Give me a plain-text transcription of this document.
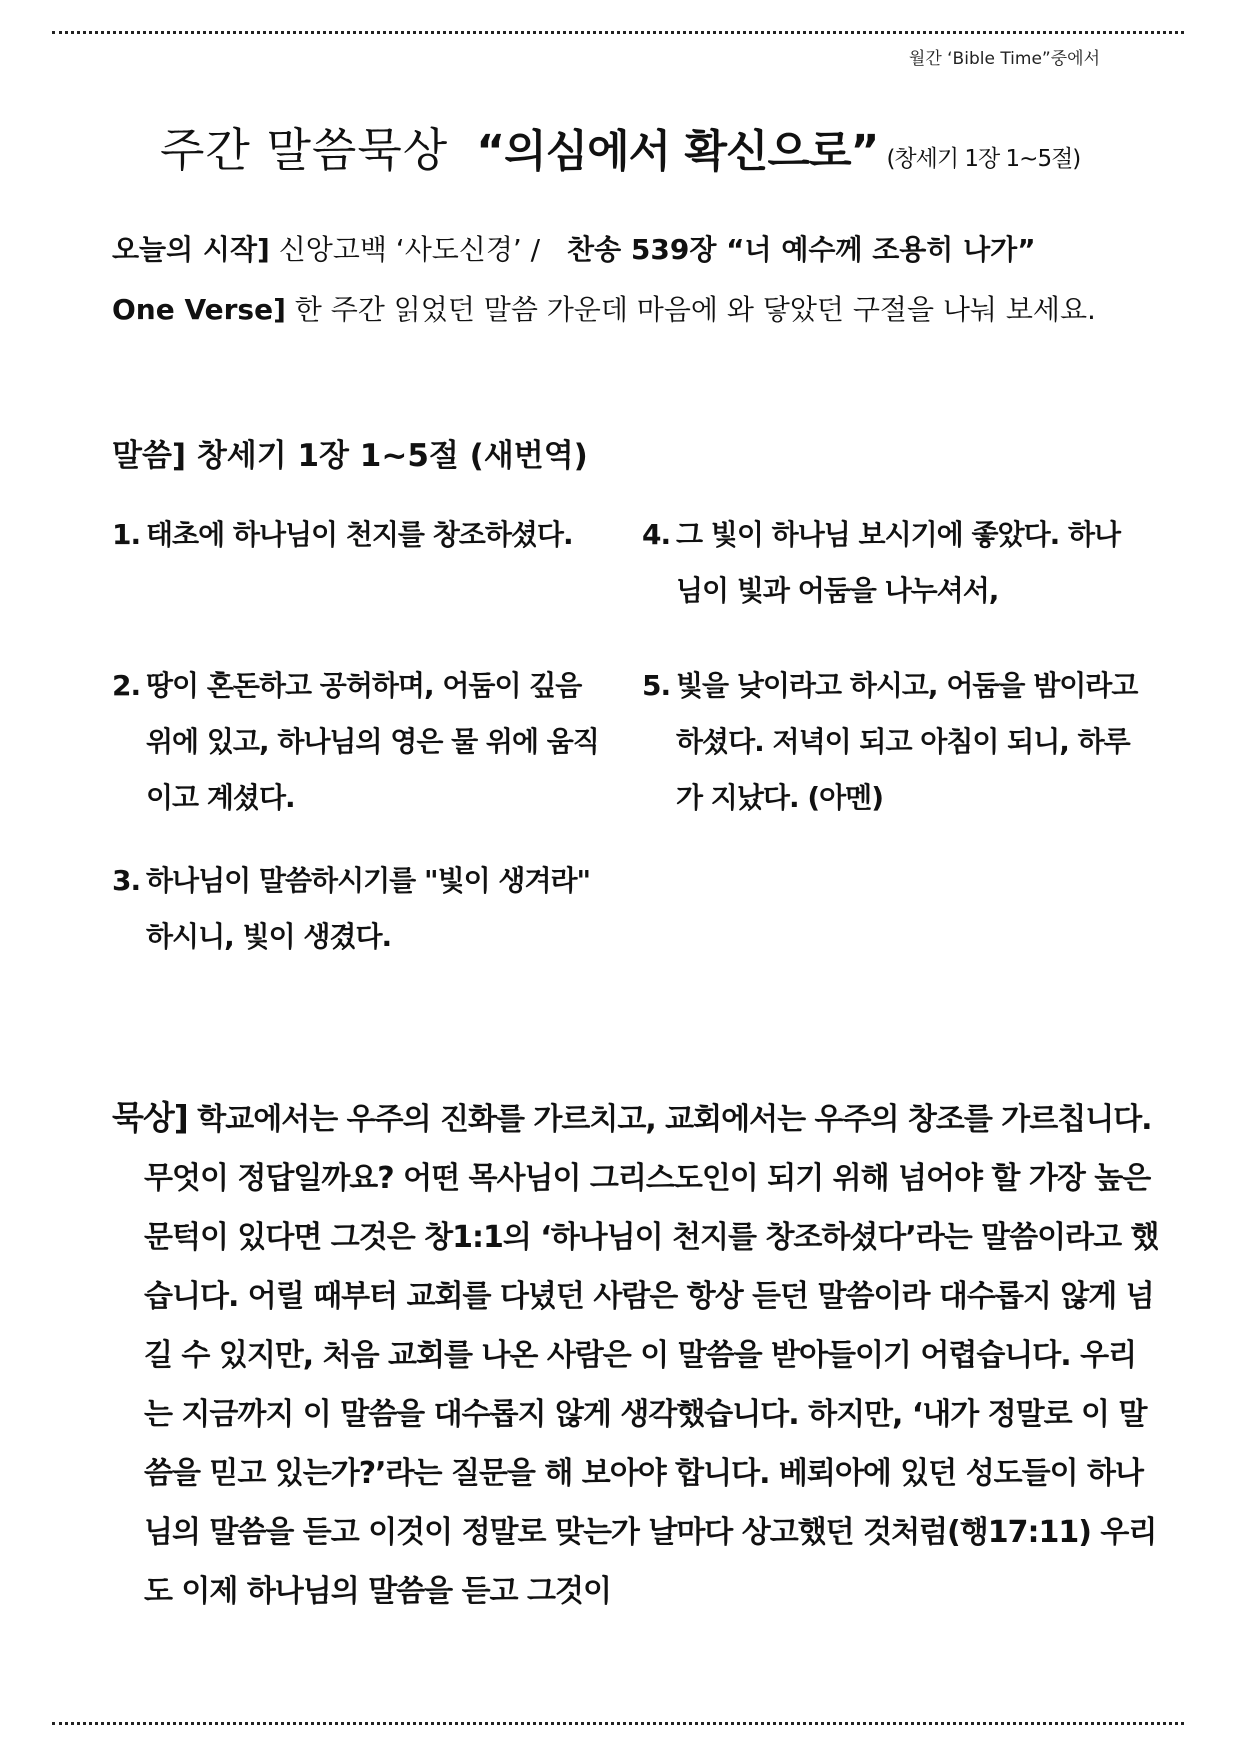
월간 ‘Bible Time”중에서
주간 말씀묵상 “의심에서 확신으로” (창세기 1장 1~5절)
오늘의 시작] 신앙고백 ‘사도신경’ / 찬송 539장 “너 예수께 조용히 나가”
One Verse] 한 주간 읽었던 말씀 가운데 마음에 와 닿았던 구절을 나눠 보세요.
말씀] 창세기 1장 1~5절 (새번역)
1. 태초에 하나님이 천지를 창조하셨다.
2. 땅이 혼돈하고 공허하며, 어둠이 깊음 위에 있고, 하나님의 영은 물 위에 움직이고 계셨다.
3. 하나님이 말씀하시기를 "빛이 생겨라" 하시니, 빛이 생겼다.
4. 그 빛이 하나님 보시기에 좋았다. 하나님이 빛과 어둠을 나누셔서,
5. 빛을 낮이라고 하시고, 어둠을 밤이라고 하셨다. 저녁이 되고 아침이 되니, 하루가 지났다. (아멘)
묵상] 학교에서는 우주의 진화를 가르치고, 교회에서는 우주의 창조를 가르칩니다. 무엇이 정답일까요? 어떤 목사님이 그리스도인이 되기 위해 넘어야 할 가장 높은 문턱이 있다면 그것은 창1:1의 ‘하나님이 천지를 창조하셨다’라는 말씀이라고 했습니다. 어릴 때부터 교회를 다녔던 사람은 항상 듣던 말씀이라 대수롭지 않게 넘길 수 있지만, 처음 교회를 나온 사람은 이 말씀을 받아들이기 어렵습니다. 우리는 지금까지 이 말씀을 대수롭지 않게 생각했습니다. 하지만, ‘내가 정말로 이 말씀을 믿고 있는가?’라는 질문을 해 보아야 합니다. 베뢰아에 있던 성도들이 하나님의 말씀을 듣고 이것이 정말로 맞는가 날마다 상고했던 것처럼(행17:11) 우리도 이제 하나님의 말씀을 듣고 그것이
